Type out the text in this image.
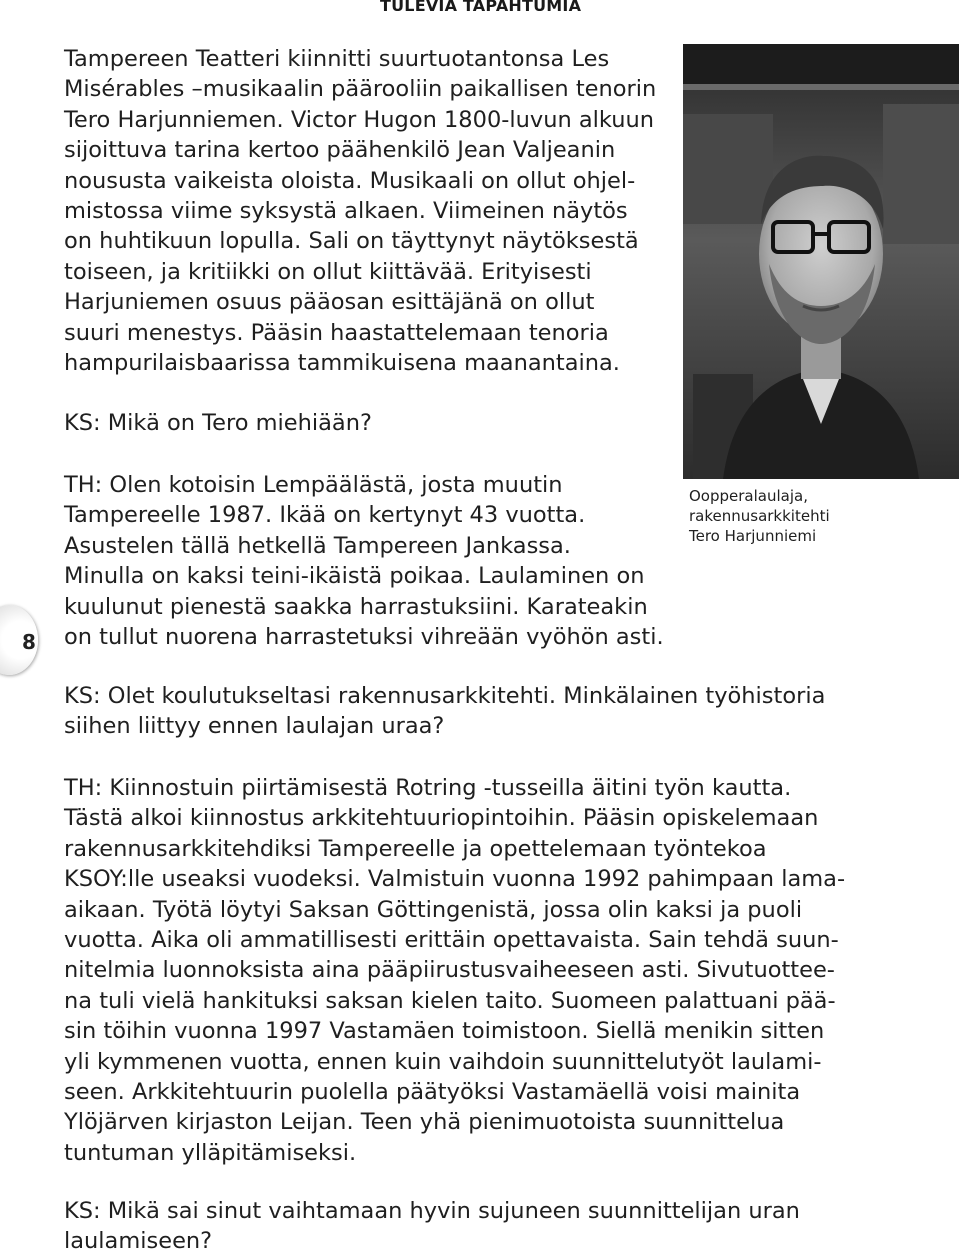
TULEVIA TAPAHTUMIA
Tampereen Teatteri kiinnitti suurtuotantonsa Les
Misérables –musikaalin päärooliin paikallisen tenorin
Tero Harjunniemen. Victor Hugon 1800-luvun alkuun
sijoittuva tarina kertoo päähenkilö Jean Valjeanin
noususta vaikeista oloista. Musikaali on ollut ohjel-
mistossa viime syksystä alkaen. Viimeinen näytös
on huhtikuun lopulla. Sali on täyttynyt näytöksestä
toiseen, ja kritiikki on ollut kiittävää. Erityisesti
Harjuniemen osuus pääosan esittäjänä on ollut
suuri menestys. Pääsin haastattelemaan tenoria
hampurilaisbaarissa tammikuisena maanantaina.
KS: Mikä on Tero miehiään?
TH: Olen kotoisin Lempäälästä, josta muutin
Tampereelle 1987. Ikää on kertynyt 43 vuotta.
Asustelen tällä hetkellä Tampereen Jankassa.
Minulla on kaksi teini-ikäistä poikaa. Laulaminen on
kuulunut pienestä saakka harrastuksiini. Karateakin
on tullut nuorena harrastetuksi vihreään vyöhön asti.
KS: Olet koulutukseltasi rakennusarkkitehti. Minkälainen työhistoria
siihen liittyy ennen laulajan uraa?
TH: Kiinnostuin piirtämisestä Rotring -tusseilla äitini työn kautta.
Tästä alkoi kiinnostus arkkitehtuuriopintoihin. Pääsin opiskelemaan
rakennusarkkitehdiksi Tampereelle ja opettelemaan työntekoa
KSOY:lle useaksi vuodeksi. Valmistuin vuonna 1992 pahimpaan lama-
aikaan. Työtä löytyi Saksan Göttingenistä, jossa olin kaksi ja puoli
vuotta. Aika oli ammatillisesti erittäin opettavaista. Sain tehdä suun-
nitelmia luonnoksista aina pääpiirustusvaiheeseen asti. Sivutuottee-
na tuli vielä hankituksi saksan kielen taito. Suomeen palattuani pää-
sin töihin vuonna 1997 Vastamäen toimistoon. Siellä menikin sitten
yli kymmenen vuotta, ennen kuin vaihdoin suunnittelutyöt laulami-
seen. Arkkitehtuurin puolella päätyöksi Vastamäellä voisi mainita
Ylöjärven kirjaston Leijan. Teen yhä pienimuotoista suunnittelua
tuntuman ylläpitämiseksi.
KS: Mikä sai sinut vaihtamaan hyvin sujuneen suunnittelijan uran
laulamiseen?
Oopperalaulaja,
rakennusarkkitehti
Tero Harjunniemi
8
